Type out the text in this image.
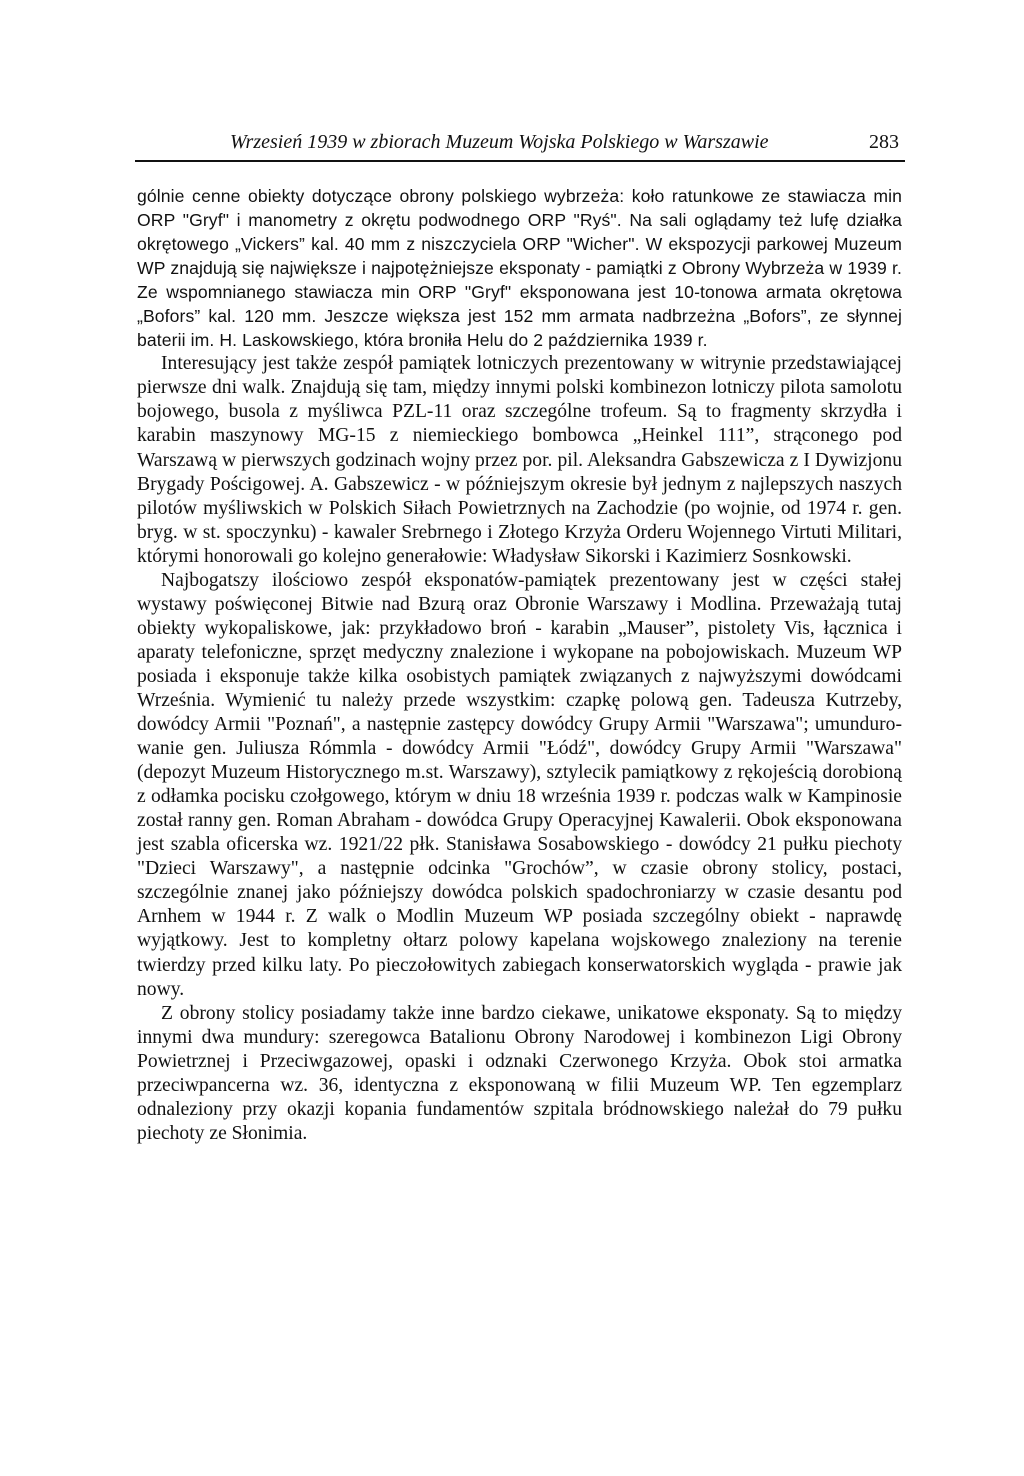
Wrzesień 1939 w zbiorach Muzeum Wojska Polskiego w Warszawie	283

gólnie cenne obiekty dotyczące obrony polskiego wybrzeża: koło ratunkowe ze stawiacza min ORP "Gryf" i manometry z okrętu podwodnego ORP "Ryś". Na sali oglądamy też lufę działka okrętowego „Vickers” kal. 40 mm z niszczyciela ORP "Wicher". W ekspozycji parkowej Muzeum WP znajdują się największe i najpotężniejsze eksponaty - pamiątki z Obrony Wybrzeża w 1939 r. Ze wspomnianego stawiacza min ORP "Gryf" eksponowana jest 10-tonowa armata okrętowa „Bofors” kal. 120 mm. Jeszcze większa jest 152 mm armata nadbrzeżna „Bofors”, ze słynnej baterii im. H. Laskowskiego, która broniła Helu do 2 października 1939 r.

Interesujący jest także zespół pamiątek lotniczych prezentowany w witrynie przedstawiającej pierwsze dni walk. Znajdują się tam, między innymi polski kombinezon lotniczy pilota samolotu bojowego, busola z myśliwca PZL-11 oraz szczególne trofeum. Są to fragmenty skrzydła i karabin maszynowy MG-15 z niemieckiego bombowca „Heinkel 111”, strąconego pod Warszawą w pierwszych godzinach wojny przez por. pil. Aleksandra Gabszewicza z I Dywizjonu Brygady Pościgowej. A. Gabszewicz - w późniejszym okresie był jednym z najlepszych naszych pilotów myśliwskich w Polskich Siłach Powietrznych na Zachodzie (po wojnie, od 1974 r. gen. bryg. w st. spoczynku) - kawaler Srebrnego i Złotego Krzyża Orderu Wojennego Virtuti Militari, którymi honorowali go kolejno generałowie: Władysław Sikorski i Kazimierz Sosnkowski.

Najbogatszy ilościowo zespół eksponatów-pamiątek prezentowany jest w części stałej wystawy poświęconej Bitwie nad Bzurą oraz Obronie Warszawy i Modlina. Przeważają tutaj obiekty wykopaliskowe, jak: przykładowo broń - karabin „Mauser”, pistolety Vis, łącznica i aparaty telefoniczne, sprzęt medyczny znalezione i wykopane na pobojowiskach. Muzeum WP posiada i eksponuje także kilka osobistych pamiątek związanych z najwyższymi dowódcami Września. Wymienić tu należy przede wszystkim: czapkę polową gen. Tadeusza Kutrzeby, dowódcy Armii "Poznań", a następnie zastępcy dowódcy Grupy Armii "Warszawa"; umundurowanie gen. Juliusza Rómmla - dowódcy Armii "Łódź", dowódcy Grupy Armii "Warszawa" (depozyt Muzeum Historycznego m.st. Warszawy), sztylecik pamiątkowy z rękojeścią dorobioną z odłamka pocisku czołgowego, którym w dniu 18 września 1939 r. podczas walk w Kampinosie został ranny gen. Roman Abraham - dowódca Grupy Operacyjnej Kawalerii. Obok eksponowana jest szabla oficerska wz. 1921/22 płk. Stanisława Sosabowskiego - dowódcy 21 pułku piechoty "Dzieci Warszawy", a następnie odcinka "Grochów”, w czasie obrony stolicy, postaci, szczególnie znanej jako późniejszy dowódca polskich spadochroniarzy w czasie desantu pod Arnhem w 1944 r. Z walk o Modlin Muzeum WP posiada szczególny obiekt - naprawdę wyjątkowy. Jest to kompletny ołtarz polowy kapelana wojskowego znaleziony na terenie twierdzy przed kilku laty. Po pieczołowitych zabiegach konserwatorskich wygląda - prawie jak nowy.

Z obrony stolicy posiadamy także inne bardzo ciekawe, unikatowe eksponaty. Są to między innymi dwa mundury: szeregowca Batalionu Obrony Narodowej i kombinezon Ligi Obrony Powietrznej i Przeciwgazowej, opaski i odznaki Czerwonego Krzyża. Obok stoi armatka przeciwpancerna wz. 36, identyczna z eksponowaną w filii Muzeum WP. Ten egzemplarz odnaleziony przy okazji kopania fundamentów szpitala bródnowskiego należał do 79 pułku piechoty ze Słonimia.
